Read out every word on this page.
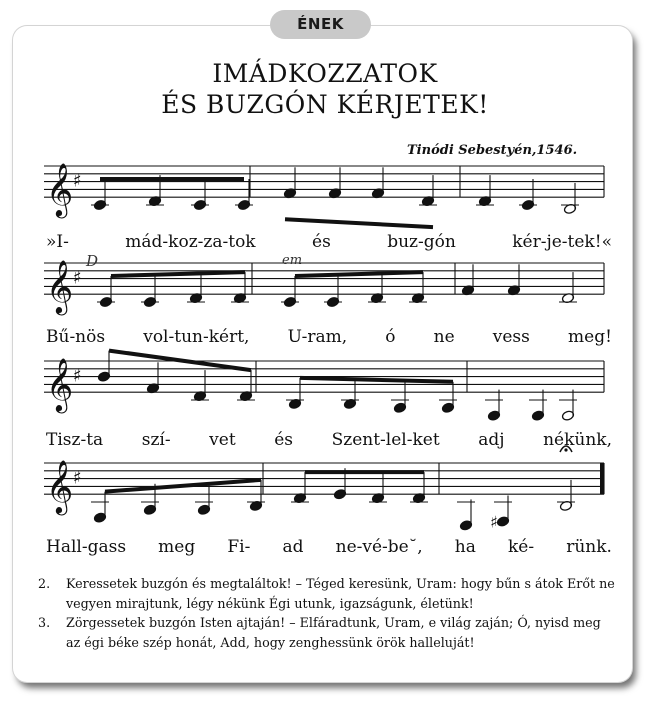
ÉNEK
IMÁDKOZZATOK
ÉS BUZGÓN KÉRJETEK!
Tinódi Sebestyén,1546.
𝄞 ♯
𝄞 ♯
𝄞 ♯
𝄞 ♯
♯
D	em
»I-	mád-koz-za-tok	és	buz-gón	kér-je-tek!«
Bű-nös vol-tun-kért, U-ram, ó ne vess meg!
Tisz-ta szí- vet és Szent-lel-ket adj nékünk,
Hall-gass meg Fi- ad ne-vé-be˘, ha ké- rünk.
2.	Keressetek buzgón és megtaláltok! – Téged keresünk, Uram: hogy bűn s átok Erőt ne vegyen mirajtunk, légy nékünk Égi utunk, igazságunk, életünk!
3.	Zörgessetek buzgón Isten ajtaján! – Elfáradtunk, Uram, e világ zaján; Ó, nyisd meg az égi béke szép honát, Add, hogy zenghessünk örök halleluját!
